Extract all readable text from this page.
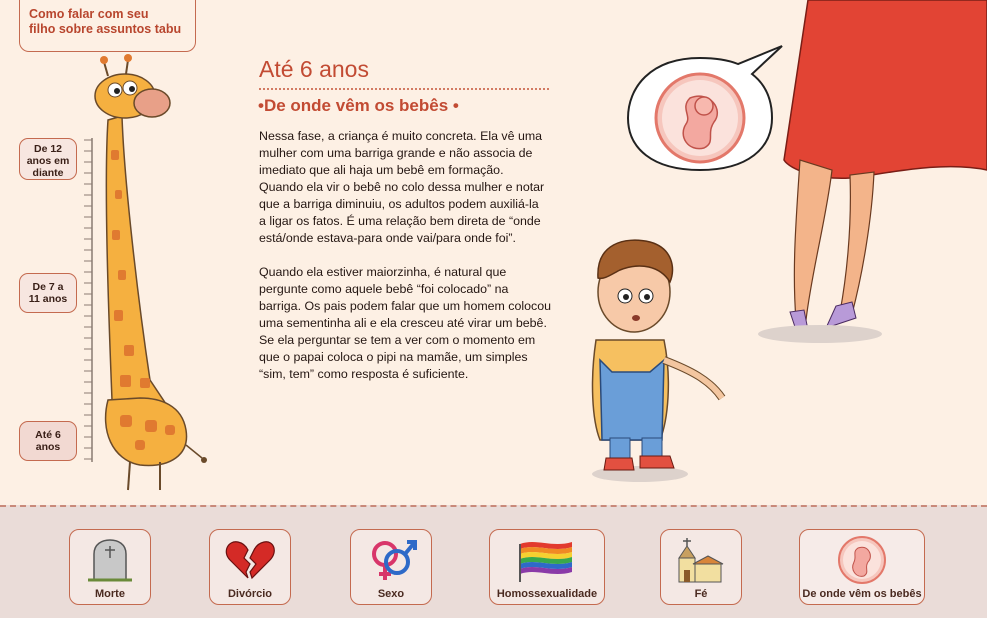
Como falar com seu
filho sobre assuntos tabu
De 12
anos em
diante
De 7 a
11 anos
Até 6
anos
Até 6 anos
•De onde vêm os bebês •
Nessa fase, a criança é muito concreta. Ela vê uma
mulher com uma barriga grande e não associa de
imediato que ali haja um bebê em formação.
Quando ela vir o bebê no colo dessa mulher e notar
que a barriga diminuiu, os adultos podem auxiliá-la
a ligar os fatos. É uma relação bem direta de “onde
está/onde estava-para onde vai/para onde foi”.
Quando ela estiver maiorzinha, é natural que
pergunte como aquele bebê “foi colocado” na
barriga. Os pais podem falar que um homem colocou
uma sementinha ali e ela cresceu até virar um bebê.
Se ela perguntar se tem a ver com o momento em
que o papai coloca o pipi na mamãe, um simples
“sim, tem” como resposta é suficiente.
Morte	Divórcio	Sexo	Homossexualidade	Fé	De onde vêm os bebês
